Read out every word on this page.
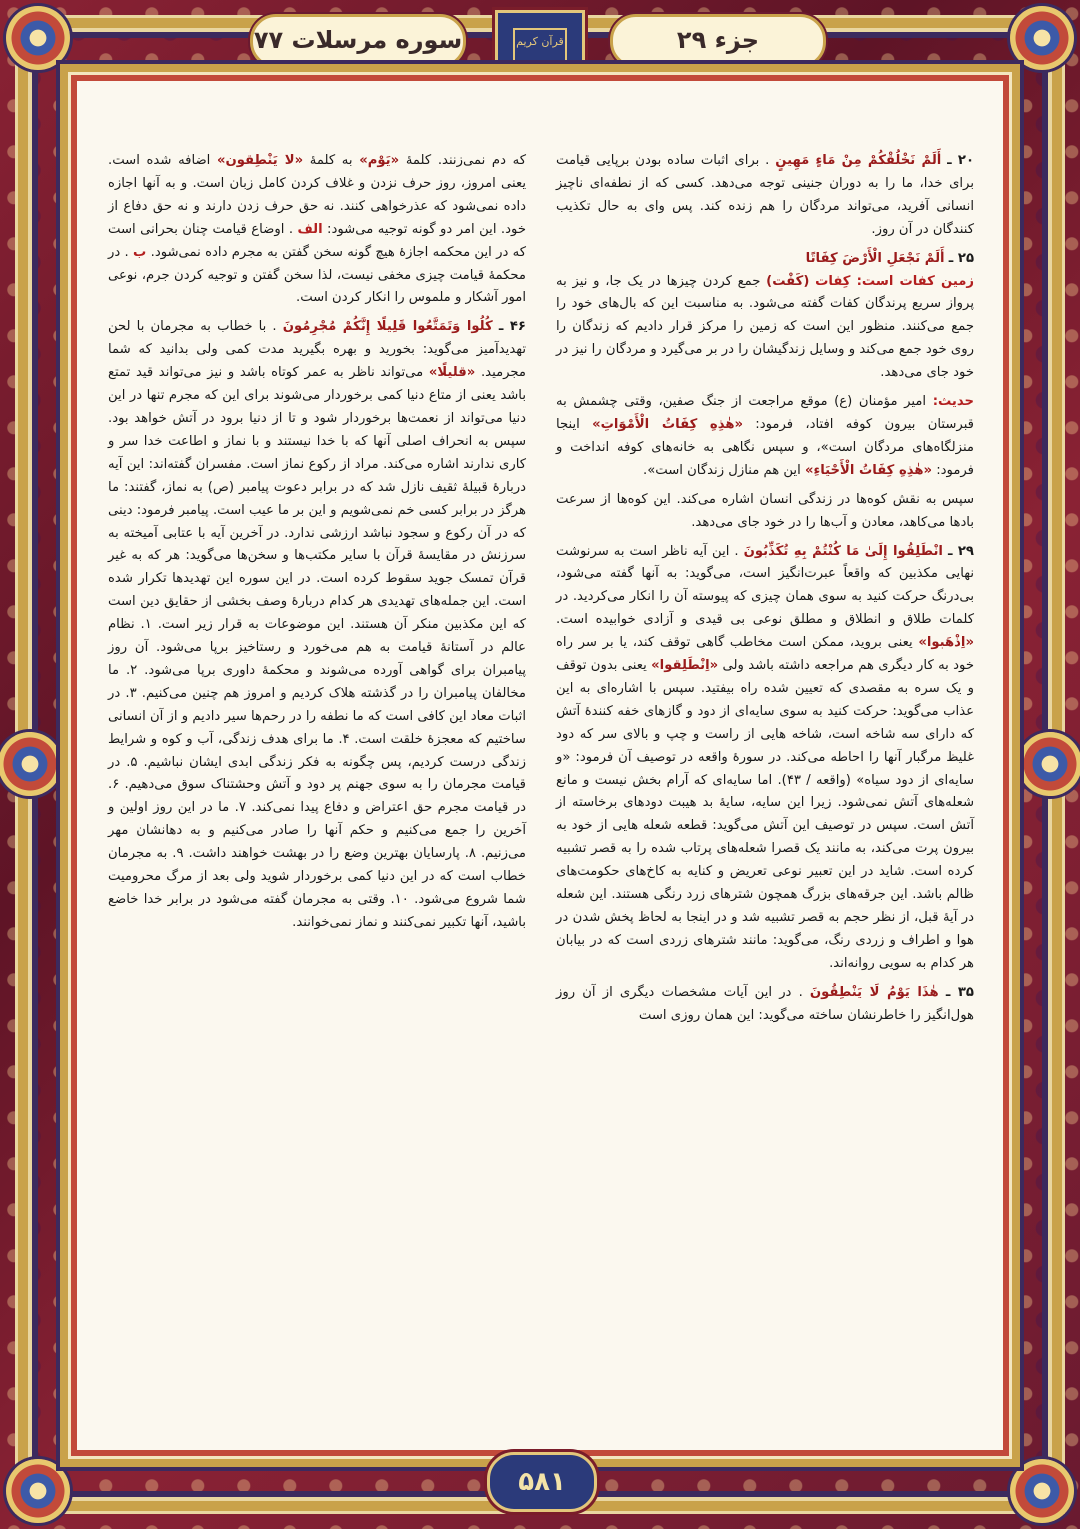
سوره مرسلات ۷۷	جزء ۲۹
قرآن کریم

۲۰ ـ أَلَمْ نَخْلُقْكُمْ مِنْ مَاءٍ مَهِينٍ . برای اثبات ساده بودن برپایی قیامت برای خدا، ما را به دوران جنینی توجه می‌دهد. کسی که از نطفه‌ای ناچیز انسانی آفرید، می‌تواند مردگان را هم زنده کند. پس وای به حال تکذیب کنندگان در آن روز.

۲۵ ـ أَلَمْ نَجْعَلِ الْأَرْضَ كِفَاتًا
زمین کفات است: کِفات (کَفْت) جمع کردن چیزها در یک جا، و نیز به پرواز سریع پرندگان کفات گفته می‌شود. به مناسبت این که بال‌های خود را جمع می‌کنند. منظور این است که زمین را مرکز قرار دادیم که زندگان را روی خود جمع می‌کند و وسایل زندگیشان را در بر می‌گیرد و مردگان را نیز در خود جای می‌دهد.

حدیث: امیر مؤمنان (ع) موقع مراجعت از جنگ صفین، وقتی چشمش به قبرستان بیرون کوفه افتاد، فرمود: «هٰذِهِ كِفَاتُ الْأَمْوَاتِ» اینجا منزلگاه‌های مردگان است»، و سپس نگاهی به خانه‌های کوفه انداخت و فرمود: «هٰذِهِ كِفَاتُ الْأَحْيَاءِ» این هم منازل زندگان است».

سپس به نقش کوه‌ها در زندگی انسان اشاره می‌کند. این کوه‌ها از سرعت بادها می‌کاهد، معادن و آب‌ها را در خود جای می‌دهد.

۲۹ ـ انْطَلِقُوا إِلَىٰ مَا كُنْتُمْ بِهِ تُكَذِّبُونَ . این آیه ناظر است به سرنوشت نهایی مکذبین که واقعاً عبرت‌انگیز است، می‌گوید: به آنها گفته می‌شود، بی‌درنگ حرکت کنید به سوی همان چیزی که پیوسته آن را انکار می‌کردید. در کلمات طلاق و انطلاق و مطلق نوعی بی قیدی و آزادی خوابیده است. «اِذْهَبوا» یعنی بروید، ممکن است مخاطب گاهی توقف کند، یا بر سر راه خود به کار دیگری هم مراجعه داشته باشد ولی «اِنْطَلِقوا» یعنی بدون توقف و یک سره به مقصدی که تعیین شده راه بیفتید. سپس با اشاره‌ای به این عذاب می‌گوید: حرکت کنید به سوی سایه‌ای از دود و گازهای خفه کنندهٔ آتش که دارای سه شاخه است، شاخه هایی از راست و چپ و بالای سر که دود غلیظ مرگبار آنها را احاطه می‌کند. در سورهٔ واقعه در توصیف آن فرمود: «و سایه‌ای از دود سیاه» (واقعه / ۴۳). اما سایه‌ای که آرام بخش نیست و مانع شعله‌های آتش نمی‌شود. زیرا این سایه، سایهٔ بد هیبت دودهای برخاسته از آتش است. سپس در توصیف این آتش می‌گوید: قطعه شعله هایی از خود به بیرون پرت می‌کند، به مانند یک قصرا شعله‌های پرتاب شده را به قصر تشبیه کرده است. شاید در این تعبیر نوعی تعریض و کنایه به کاخ‌های حکومت‌های ظالم باشد. این جرقه‌های بزرگ همچون شترهای زرد رنگی هستند. این شعله در آیهٔ قبل، از نظر حجم به قصر تشبیه شد و در اینجا به لحاظ پخش شدن در هوا و اطراف و زردی رنگ، می‌گوید: مانند شترهای زردی است که در بیابان هر کدام به سویی روانه‌اند.

۳۵ ـ هٰذَا يَوْمُ لَا يَنْطِقُونَ . در این آیات مشخصات دیگری از آن روز هول‌انگیز را خاطرنشان ساخته می‌گوید: این همان روزی است

که دم نمی‌زنند. کلمهٔ «یَوْم» به کلمهٔ «لا یَنْطِقون» اضافه شده است. یعنی امروز، روز حرف نزدن و غلاف کردن کامل زبان است. و به آنها اجازه داده نمی‌شود که عذرخواهی کنند. نه حق حرف زدن دارند و نه حق دفاع از خود. این امر دو گونه توجیه می‌شود: الف . اوضاع قیامت چنان بحرانی است که در این محکمه اجازهٔ هیچ گونه سخن گفتن به مجرم داده نمی‌شود. ب . در محکمهٔ قیامت چیزی مخفی نیست، لذا سخن گفتن و توجیه کردن جرم، نوعی امور آشکار و ملموس را انکار کردن است.

۴۶ ـ كُلُوا وَتَمَتَّعُوا قَلِيلًا إِنَّكُمْ مُجْرِمُونَ . با خطاب به مجرمان با لحن تهدیدآمیز می‌گوید: بخورید و بهره بگیرید مدت کمی ولی بدانید که شما مجرمید. «قلیلًا» می‌تواند ناظر به عمر کوتاه باشد و نیز می‌تواند قید تمتع باشد یعنی از متاع دنیا کمی برخوردار می‌شوند برای این که مجرم تنها در این دنیا می‌تواند از نعمت‌ها برخوردار شود و تا از دنیا برود در آتش خواهد بود. سپس به انحراف اصلی آنها که با خدا نیستند و با نماز و اطاعت خدا سر و کاری ندارند اشاره می‌کند. مراد از رکوع نماز است. مفسران گفته‌اند: این آیه دربارهٔ قبیلهٔ ثقیف نازل شد که در برابر دعوت پیامبر (ص) به نماز، گفتند: ما هرگز در برابر کسی خم نمی‌شویم و این بر ما عیب است. پیامبر فرمود: دینی که در آن رکوع و سجود نباشد ارزشی ندارد. در آخرین آیه با عتابی آمیخته به سرزنش در مقایسهٔ قرآن با سایر مکتب‌ها و سخن‌ها می‌گوید: هر که به غیر قرآن تمسک جوید سقوط کرده است. در این سوره این تهدیدها تکرار شده است. این جمله‌های تهدیدی هر کدام دربارهٔ وصف بخشی از حقایق دین است که این مکذبین منکر آن هستند. این موضوعات به قرار زیر است. ۱. نظام عالم در آستانهٔ قیامت به هم می‌خورد و رستاخیز برپا می‌شود. آن روز پیامبران برای گواهی آورده می‌شوند و محکمهٔ داوری برپا می‌شود. ۲. ما مخالفان پیامبران را در گذشته هلاک کردیم و امروز هم چنین می‌کنیم. ۳. در اثبات معاد این کافی است که ما نطفه را در رحم‌ها سیر دادیم و از آن انسانی ساختیم که معجزهٔ خلقت است. ۴. ما برای هدف زندگی، آب و کوه و شرایط زندگی درست کردیم، پس چگونه به فکر زندگی ابدی ایشان نباشیم. ۵. در قیامت مجرمان را به سوی جهنم پر دود و آتش وحشتناک سوق می‌دهیم. ۶. در قیامت مجرم حق اعتراض و دفاع پیدا نمی‌کند. ۷. ما در این روز اولین و آخرین را جمع می‌کنیم و حکم آنها را صادر می‌کنیم و به دهانشان مهر می‌زنیم. ۸. پارسایان بهترین وضع را در بهشت خواهند داشت. ۹. به مجرمان خطاب است که در این دنیا کمی برخوردار شوید ولی بعد از مرگ محرومیت شما شروع می‌شود. ۱۰. وقتی به مجرمان گفته می‌شود در برابر خدا خاضع باشید، آنها تکبیر نمی‌کنند و نماز نمی‌خوانند.

۵۸۱
